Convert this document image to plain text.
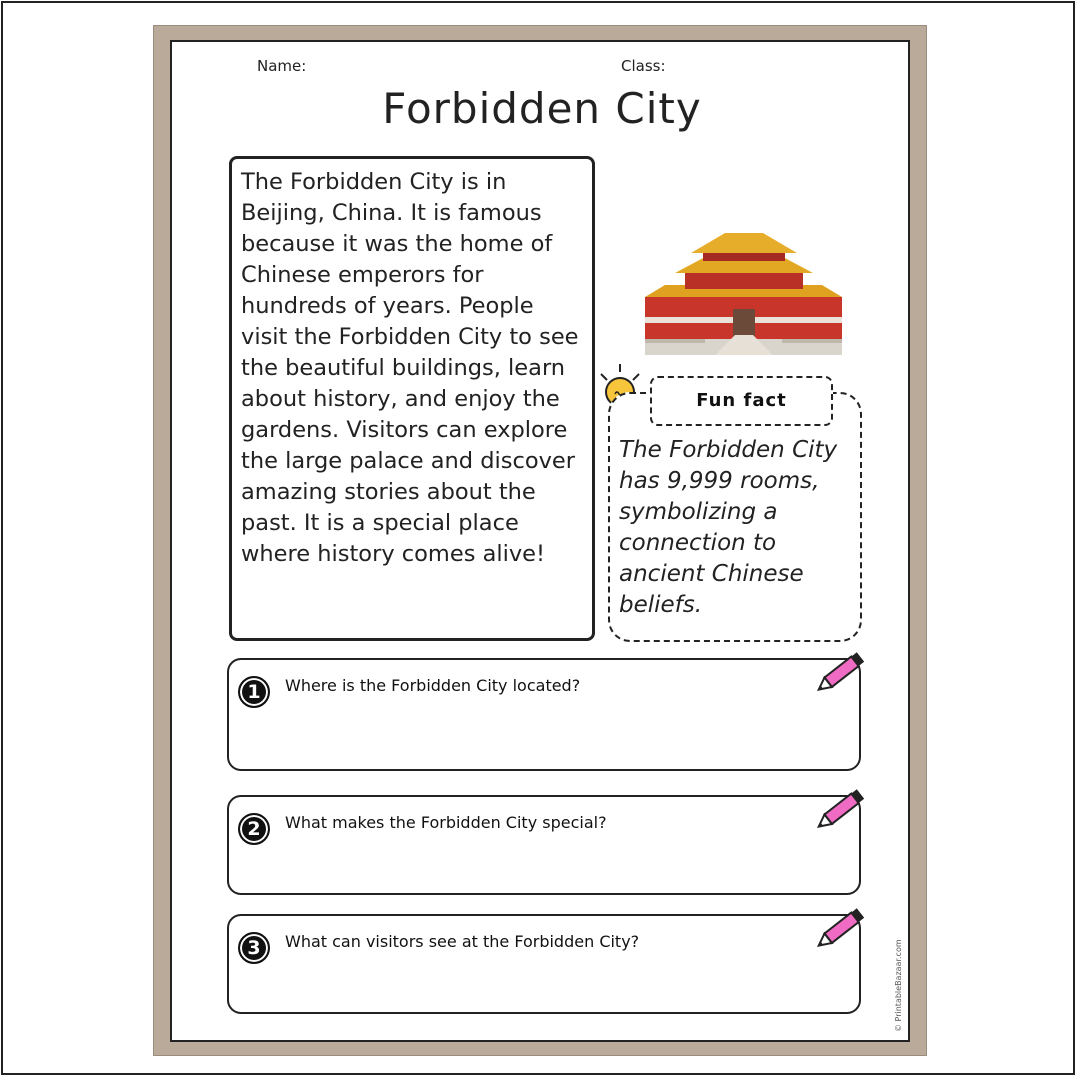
Name:	Class:
Forbidden City
The Forbidden City is in Beijing, China. It is famous because it was the home of Chinese emperors for hundreds of years. People visit the Forbidden City to see the beautiful buildings, learn about history, and enjoy the gardens. Visitors can explore the large palace and discover amazing stories about the past. It is a special place where history comes alive!
The Forbidden City has 9,999 rooms, symbolizing a connection to ancient Chinese beliefs.
Fun fact
1	Where is the Forbidden City located?
2	What makes the Forbidden City special?
3	What can visitors see at the Forbidden City?	© PrintableBazaar.com
